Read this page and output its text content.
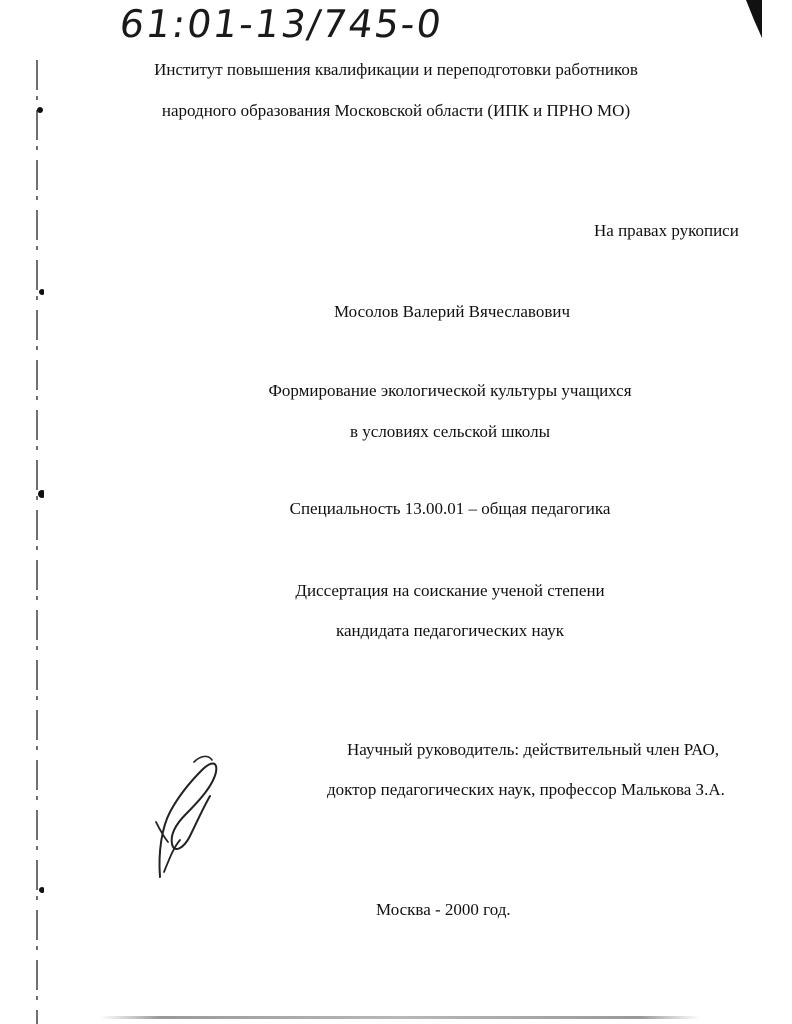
61:01-13/745-0
Институт повышения квалификации и переподготовки работников
народного образования Московской области (ИПК и ПРНО МО)
На правах рукописи
Мосолов Валерий Вячеславович
Формирование экологической культуры учащихся
в условиях сельской школы
Специальность 13.00.01 – общая педагогика
Диссертация на соискание ученой степени
кандидата педагогических наук
Научный руководитель: действительный член РАО,
доктор педагогических наук, профессор Малькова З.А.
Москва - 2000 год.
